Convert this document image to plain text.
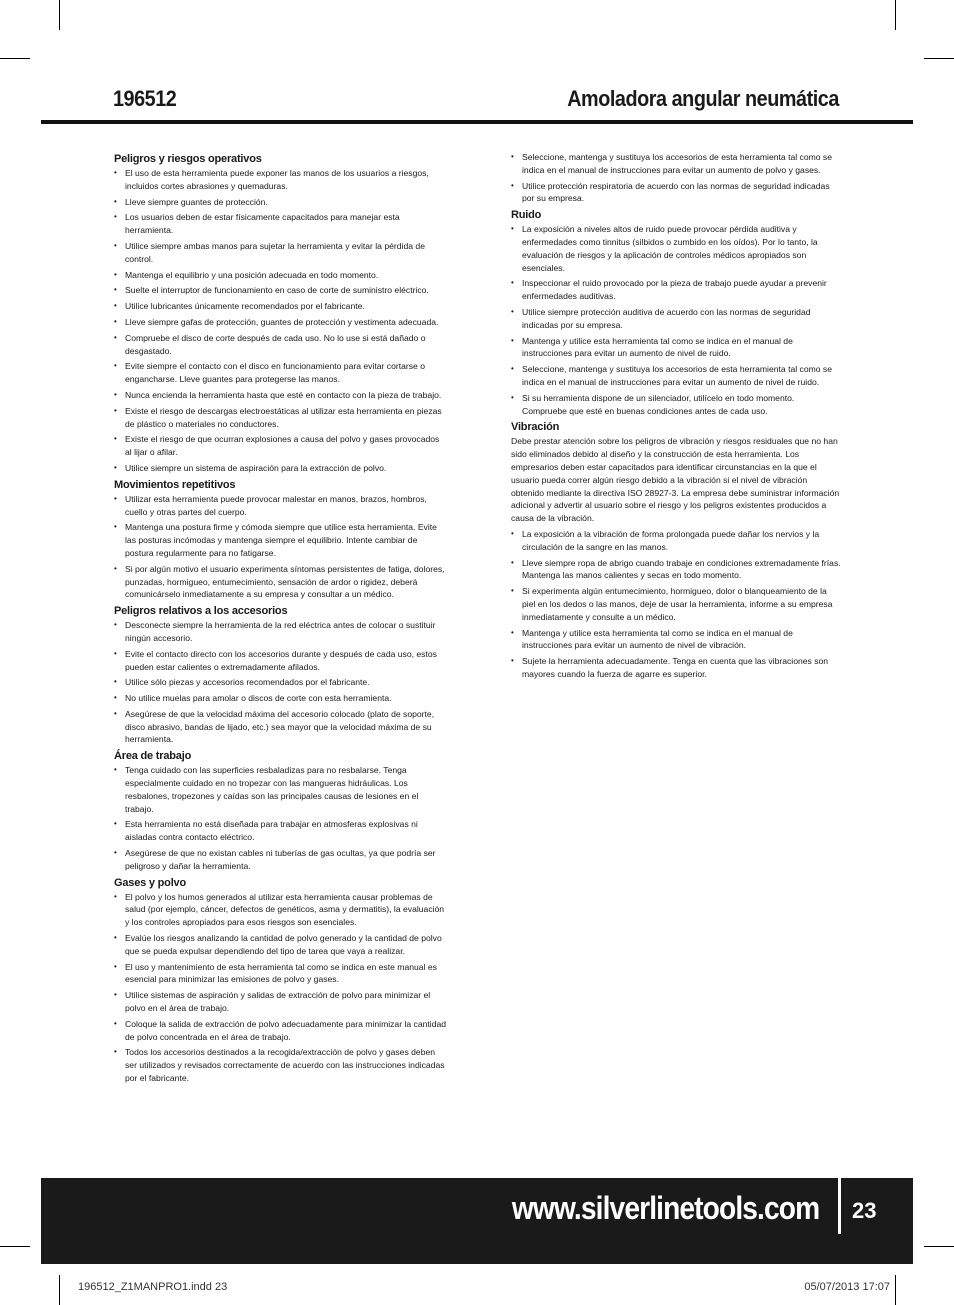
196512	Amoladora angular neumática
Peligros y riesgos operativos
• El uso de esta herramienta puede exponer las manos de los usuarios a riesgos, incluidos cortes abrasiones y quemaduras.
• Lleve siempre guantes de protección.
• Los usuarios deben de estar físicamente capacitados para manejar esta herramienta.
• Utilice siempre ambas manos para sujetar la herramienta y evitar la pérdida de control.
• Mantenga el equilibrio y una posición adecuada en todo momento.
• Suelte el interruptor de funcionamiento en caso de corte de suministro eléctrico.
• Utilice lubricantes únicamente recomendados por el fabricante.
• Lleve siempre gafas de protección, guantes de protección y vestimenta adecuada.
• Compruebe el disco de corte después de cada uso. No lo use si está dañado o desgastado.
• Evite siempre el contacto con el disco en funcionamiento para evitar cortarse o engancharse. Lleve guantes para protegerse las manos.
• Nunca encienda la herramienta hasta que esté en contacto con la pieza de trabajo.
• Existe el riesgo de descargas electroestáticas al utilizar esta herramienta en piezas de plástico o materiales no conductores.
• Existe el riesgo de que ocurran explosiones a causa del polvo y gases provocados al lijar o afilar.
• Utilice siempre un sistema de aspiración para la extracción de polvo.
Movimientos repetitivos
• Utilizar esta herramienta puede provocar malestar en manos, brazos, hombros, cuello y otras partes del cuerpo.
• Mantenga una postura firme y cómoda siempre que utilice esta herramienta. Evite las posturas incómodas y mantenga siempre el equilibrio. Intente cambiar de postura regularmente para no fatigarse.
• Si por algún motivo el usuario experimenta síntomas persistentes de fatiga, dolores, punzadas, hormigueo, entumecimiento, sensación de ardor o rigidez, deberá comunicárselo inmediatamente a su empresa y consultar a un médico.
Peligros relativos a los accesorios
• Desconecte siempre la herramienta de la red eléctrica antes de colocar o sustituir ningún accesorio.
• Evite el contacto directo con los accesorios durante y después de cada uso, estos pueden estar calientes o extremadamente afilados.
• Utilice sólo piezas y accesorios recomendados por el fabricante.
• No utilice muelas para amolar o discos de corte con esta herramienta.
• Asegúrese de que la velocidad máxima del accesorio colocado (plato de soporte, disco abrasivo, bandas de lijado, etc.) sea mayor que la velocidad máxima de su herramienta.
Área de trabajo
• Tenga cuidado con las superficies resbaladizas para no resbalarse. Tenga especialmente cuidado en no tropezar con las mangueras hidráulicas. Los resbalones, tropezones y caídas son las principales causas de lesiones en el trabajo.
• Esta herramienta no está diseñada para trabajar en atmosferas explosivas ni aisladas contra contacto eléctrico.
• Asegúrese de que no existan cables ni tuberías de gas ocultas, ya que podría ser peligroso y dañar la herramienta.
Gases y polvo
• El polvo y los humos generados al utilizar esta herramienta causar problemas de salud (por ejemplo, cáncer, defectos de genéticos, asma y dermatitis), la evaluación y los controles apropiados para esos riesgos son esenciales.
• Evalúe los riesgos analizando la cantidad de polvo generado y la cantidad de polvo que se pueda expulsar dependiendo del tipo de tarea que vaya a realizar.
• El uso y mantenimiento de esta herramienta tal como se indica en este manual es esencial para minimizar las emisiones de polvo y gases.
• Utilice sistemas de aspiración y salidas de extracción de polvo para minimizar el polvo en el área de trabajo.
• Coloque la salida de extracción de polvo adecuadamente para minimizar la cantidad de polvo concentrada en el área de trabajo.
• Todos los accesorios destinados a la recogida/extracción de polvo y gases deben ser utilizados y revisados correctamente de acuerdo con las instrucciones indicadas por el fabricante.
• Seleccione, mantenga y sustituya los accesorios de esta herramienta tal como se indica en el manual de instrucciones para evitar un aumento de polvo y gases.
• Utilice protección respiratoria de acuerdo con las normas de seguridad indicadas por su empresa.
Ruido
• La exposición a niveles altos de ruido puede provocar pérdida auditiva y enfermedades como tinnitus (silbidos o zumbido en los oídos). Por lo tanto, la evaluación de riesgos y la aplicación de controles médicos apropiados son esenciales.
• Inspeccionar el ruido provocado por la pieza de trabajo puede ayudar a prevenir enfermedades auditivas.
• Utilice siempre protección auditiva de acuerdo con las normas de seguridad indicadas por su empresa.
• Mantenga y utilice esta herramienta tal como se indica en el manual de instrucciones para evitar un aumento de nivel de ruido.
• Seleccione, mantenga y sustituya los accesorios de esta herramienta tal como se indica en el manual de instrucciones para evitar un aumento de nivel de ruido.
• Si su herramienta dispone de un silenciador, utilícelo en todo momento. Compruebe que esté en buenas condiciones antes de cada uso.
Vibración

Debe prestar atención sobre los peligros de vibración y riesgos residuales que no han sido eliminados debido al diseño y la construcción de esta herramienta. Los empresarios deben estar capacitados para identificar circunstancias en la que el usuario pueda correr algún riesgo debido a la vibración si el nivel de vibración obtenido mediante la directiva ISO 28927-3. La empresa debe suministrar información adicional y advertir al usuario sobre el riesgo y los peligros existentes producidos a causa de la vibración.

• La exposición a la vibración de forma prolongada puede dañar los nervios y la circulación de la sangre en las manos.
• Lleve siempre ropa de abrigo cuando trabaje en condiciones extremadamente frías. Mantenga las manos calientes y secas en todo momento.
• Si experimenta algún entumecimiento, hormigueo, dolor o blanqueamiento de la piel en los dedos o las manos, deje de usar la herramienta, informe a su empresa inmediatamente y consulte a un médico.
• Mantenga y utilice esta herramienta tal como se indica en el manual de instrucciones para evitar un aumento de nivel de vibración.
• Sujete la herramienta adecuadamente. Tenga en cuenta que las vibraciones son mayores cuando la fuerza de agarre es superior.
www.silverlinetools.com 23
196512_Z1MANPRO1.indd 23	05/07/2013 17:07
